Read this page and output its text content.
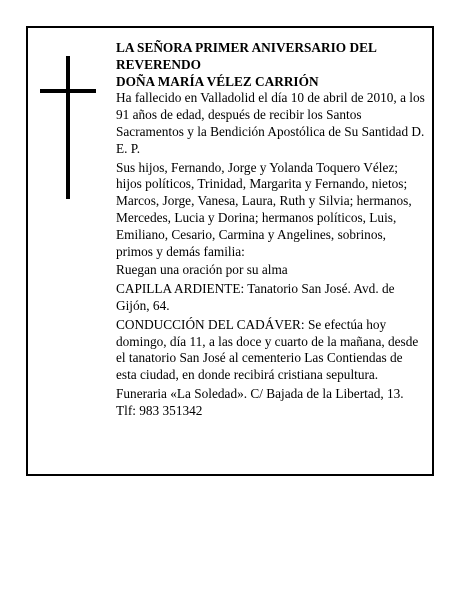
LA SEÑORA PRIMER ANIVERSARIO DEL REVERENDO

DOÑA MARÍA VÉLEZ CARRIÓN

Ha fallecido en Valladolid el día 10 de abril de 2010, a los 91 años de edad, después de recibir los Santos Sacramentos y la Bendición Apostólica de Su Santidad D. E. P.

Sus hijos, Fernando, Jorge y Yolanda Toquero Vélez; hijos políticos, Trinidad, Margarita y Fernando, nietos; Marcos, Jorge, Vanesa, Laura, Ruth y Silvia; hermanos, Mercedes, Lucia y Dorina; hermanos políticos, Luis, Emiliano, Cesario, Carmina y Angelines, sobrinos, primos y demás familia:

Ruegan una oración por su alma

CAPILLA ARDIENTE: Tanatorio San José. Avd. de Gijón, 64.

CONDUCCIÓN DEL CADÁVER: Se efectúa hoy domingo, día 11, a las doce y cuarto de la mañana, desde el tanatorio San José al cementerio Las Contiendas de esta ciudad, en donde recibirá cristiana sepultura.

Funeraria «La Soledad». C/ Bajada de la Libertad, 13. Tlf: 983 351342
